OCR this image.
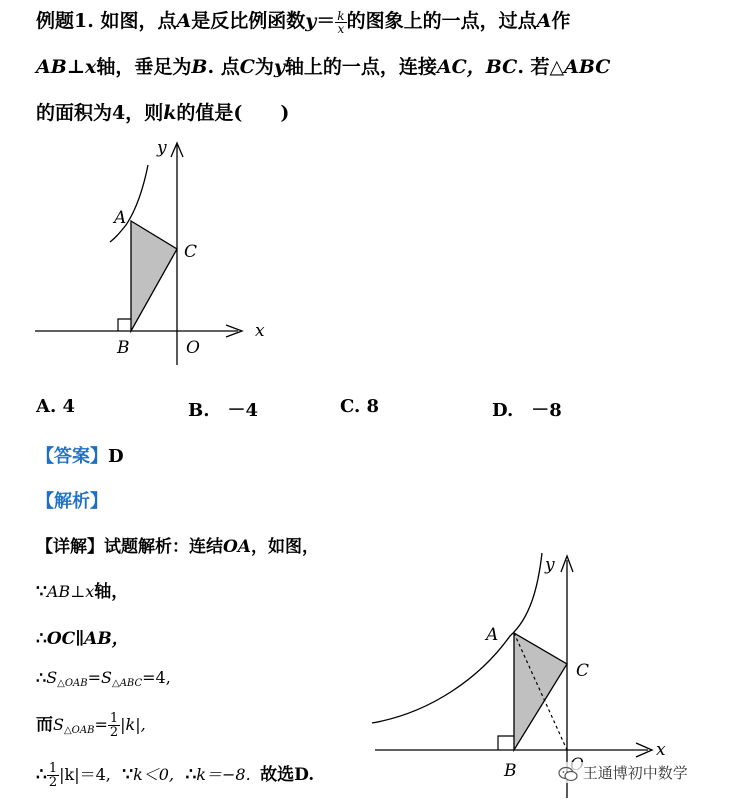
例题1. 如图，点A是反比例函数$y= \frac{k}{x}$ 的图象上的一点，过点A作
AB⊥x轴，垂足为B. 点C为y轴上的一点，连接AC，BC. 若△ABC
的面积为4，则k的值是(　　)
y
x
A
C
B	O
A. 4	B.　－4	C. 8	D.　－8
【答案】D
【解析】
【详解】试题解析：连结OA，如图，
∵AB⊥x轴，
∴OC∥AB，
$\therefore S_{\triangle OAB}=S_{\triangle ABC}=4$,
而$S_{\triangle OAB}= \frac{1}{2} |k|$,
∴ $\frac{1}{2} |k|=4$, ∵k＜0, ∴k＝−8. 故选D.
y
A
C
B
x
王通博初中数学
